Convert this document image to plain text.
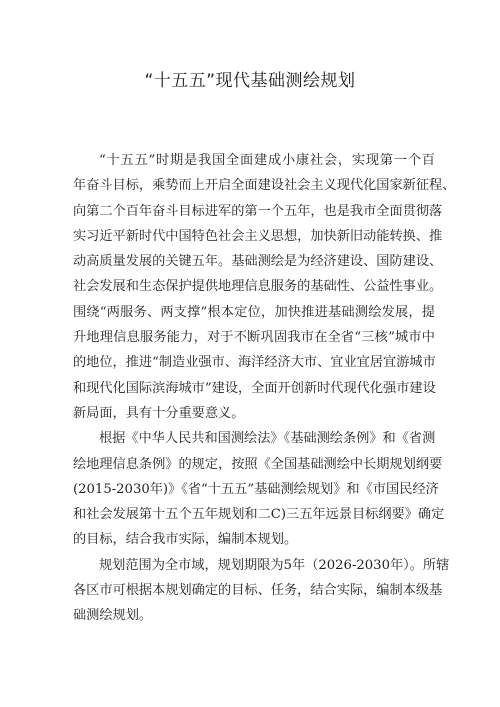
“十五五”现代基础测绘规划
“十五五”时期是我国全面建成小康社会，实现第一个百
年奋斗目标，乘势而上开启全面建设社会主义现代化国家新征程、
向第二个百年奋斗目标进军的第一个五年，也是我市全面贯彻落
实习近平新时代中国特色社会主义思想，加快新旧动能转换、推
动高质量发展的关键五年。基础测绘是为经济建设、国防建设、
社会发展和生态保护提供地理信息服务的基础性、公益性事业。
围绕“两服务、两支撑”根本定位，加快推进基础测绘发展，提
升地理信息服务能力，对于不断巩固我市在全省“三核”城市中
的地位，推进“制造业强市、海洋经济大市、宜业宜居宜游城市
和现代化国际滨海城市”建设，全面开创新时代现代化强市建设
新局面，具有十分重要意义。
根据《中华人民共和国测绘法》《基础测绘条例》和《省测
绘地理信息条例》的规定，按照《全国基础测绘中长期规划纲要
(2015-2030年)》《省“十五五”基础测绘规划》和《市国民经济
和社会发展第十五个五年规划和二C)三五年远景目标纲要》确定
的目标，结合我市实际，编制本规划。
规划范围为全市域，规划期限为5年（2026-2030年）。所辖
各区市可根据本规划确定的目标、任务，结合实际，编制本级基
础测绘规划。
